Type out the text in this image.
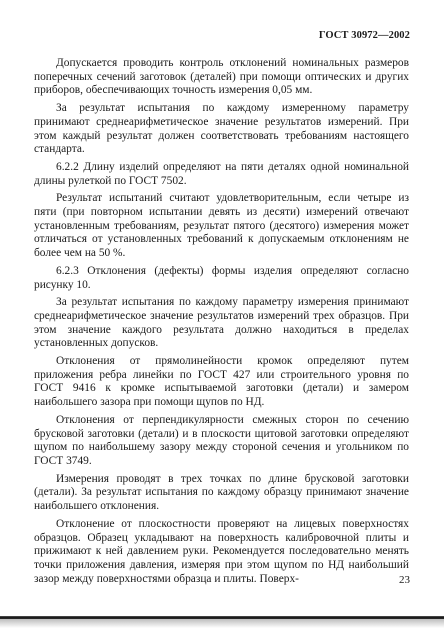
ГОСТ 30972—2002

Допускается проводить контроль отклонений номинальных размеров поперечных сечений заготовок (деталей) при помощи оптических и других приборов, обеспечивающих точность измерения 0,05 мм.

За результат испытания по каждому измеренному параметру принимают среднеарифметическое значение результатов измерений. При этом каждый результат должен соответствовать требованиям настоящего стандарта.

6.2.2 Длину изделий определяют на пяти деталях одной номинальной длины рулеткой по ГОСТ 7502.

Результат испытаний считают удовлетворительным, если четыре из пяти (при повторном испытании девять из десяти) измерений отвечают установленным требованиям, результат пятого (десятого) измерения может отличаться от установленных требований к допускаемым отклонениям не более чем на 50 %.

6.2.3 Отклонения (дефекты) формы изделия определяют согласно рисунку 10.

За результат испытания по каждому параметру измерения принимают среднеарифметическое значение результатов измерений трех образцов. При этом значение каждого результата должно находиться в пределах установленных допусков.

Отклонения от прямолинейности кромок определяют путем приложения ребра линейки по ГОСТ 427 или строительного уровня по ГОСТ 9416 к кромке испытываемой заготовки (детали) и замером наибольшего зазора при помощи щупов по НД.

Отклонения от перпендикулярности смежных сторон по сечению брусковой заготовки (детали) и в плоскости щитовой заготовки определяют щупом по наибольшему зазору между стороной сечения и угольником по ГОСТ 3749.

Измерения проводят в трех точках по длине брусковой заготовки (детали). За результат испытания по каждому образцу принимают значение наибольшего отклонения.

Отклонение от плоскостности проверяют на лицевых поверхностях образцов. Образец укладывают на поверхность калибровочной плиты и прижимают к ней давлением руки. Рекомендуется последовательно менять точки приложения давления, измеряя при этом щупом по НД наибольший зазор между поверхностями образца и плиты. Поверх-	23
